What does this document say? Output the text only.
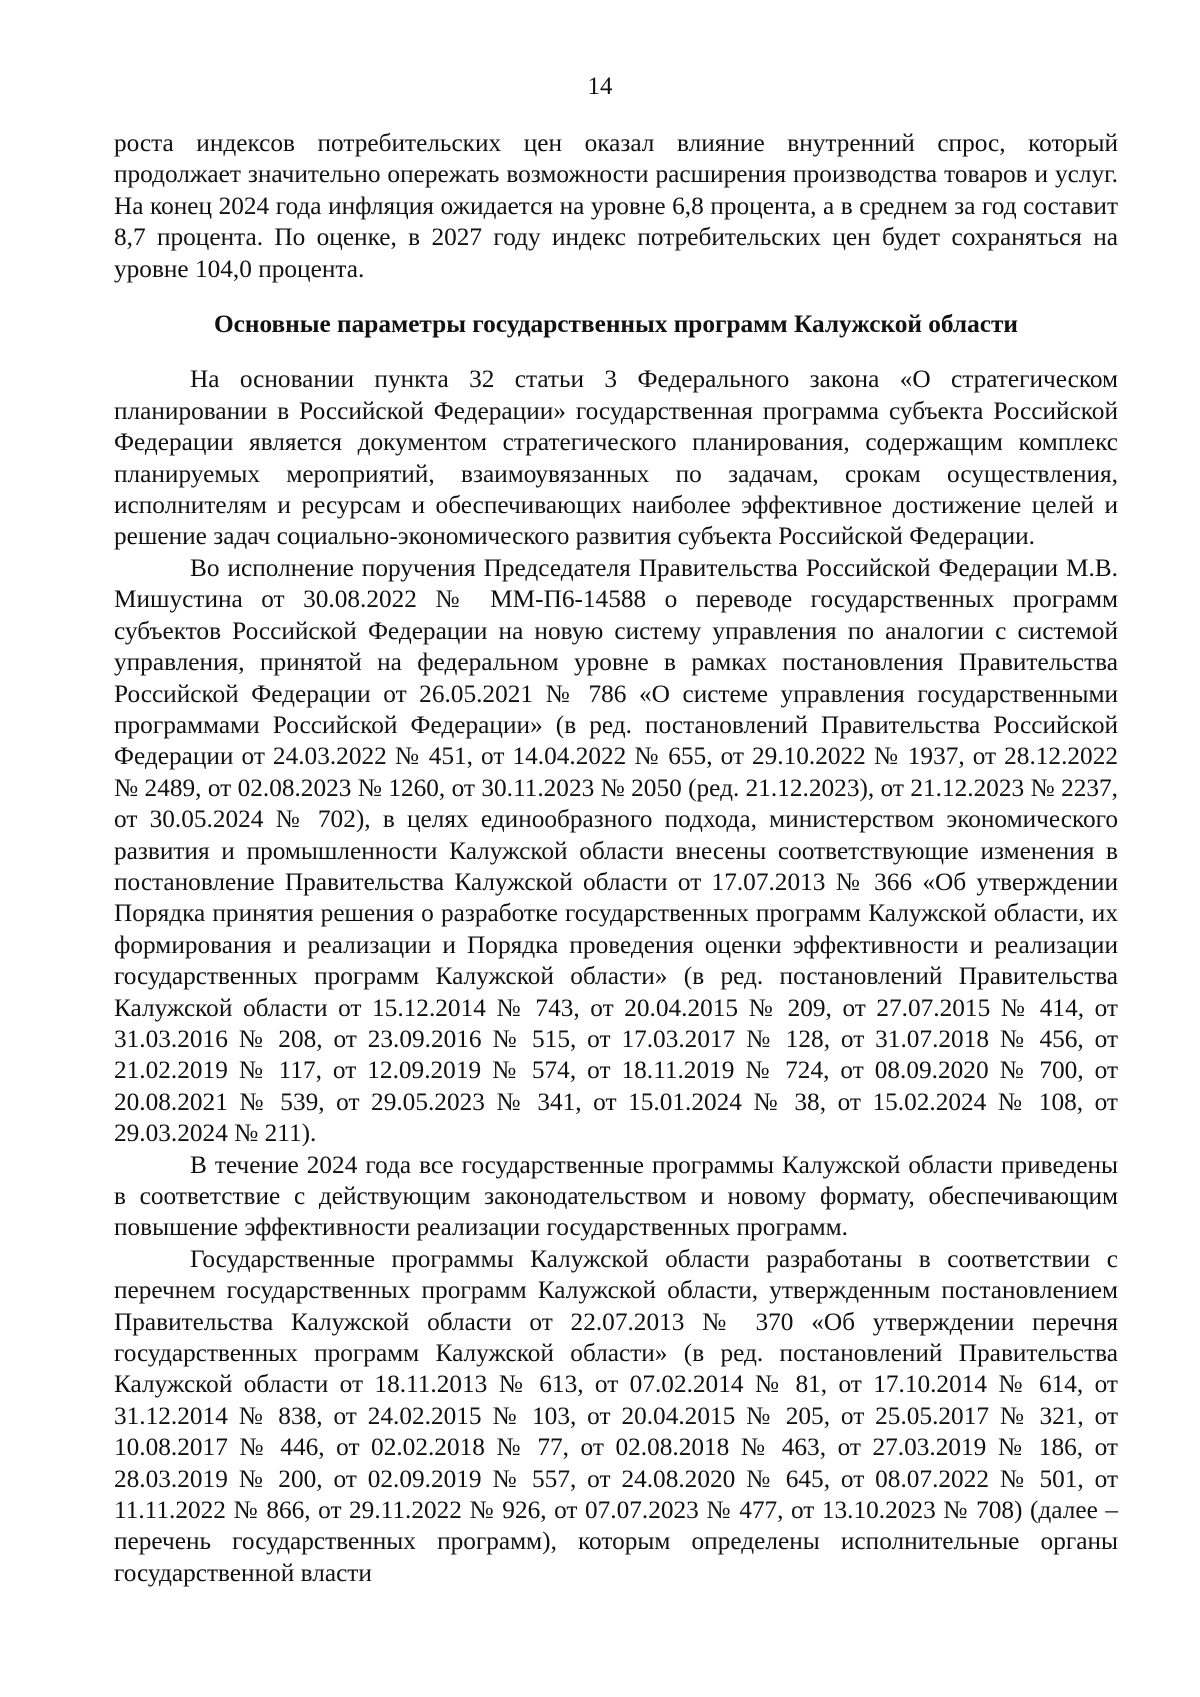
14

роста индексов потребительских цен оказал влияние внутренний спрос, который продолжает значительно опережать возможности расширения производства товаров и услуг. На конец 2024 года инфляция ожидается на уровне 6,8 процента, а в среднем за год составит 8,7 процента. По оценке, в 2027 году индекс потребительских цен будет сохраняться на уровне 104,0 процента.

Основные параметры государственных программ Калужской области

На основании пункта 32 статьи 3 Федерального закона «О стратегическом планировании в Российской Федерации» государственная программа субъекта Российской Федерации является документом стратегического планирования, содержащим комплекс планируемых мероприятий, взаимоувязанных по задачам, срокам осуществления, исполнителям и ресурсам и обеспечивающих наиболее эффективное достижение целей и решение задач социально-экономического развития субъекта Российской Федерации.

Во исполнение поручения Председателя Правительства Российской Федерации М.В. Мишустина от 30.08.2022 № ММ-П6-14588 о переводе государственных программ субъектов Российской Федерации на новую систему управления по аналогии с системой управления, принятой на федеральном уровне в рамках постановления Правительства Российской Федерации от 26.05.2021 № 786 «О системе управления государственными программами Российской Федерации» (в ред. постановлений Правительства Российской Федерации от 24.03.2022 № 451, от 14.04.2022 № 655, от 29.10.2022 № 1937, от 28.12.2022 № 2489, от 02.08.2023 № 1260, от 30.11.2023 № 2050 (ред. 21.12.2023), от 21.12.2023 № 2237, от 30.05.2024 № 702), в целях единообразного подхода, министерством экономического развития и промышленности Калужской области внесены соответствующие изменения в постановление Правительства Калужской области от 17.07.2013 № 366 «Об утверждении Порядка принятия решения о разработке государственных программ Калужской области, их формирования и реализации и Порядка проведения оценки эффективности и реализации государственных программ Калужской области» (в ред. постановлений Правительства Калужской области от 15.12.2014 № 743, от 20.04.2015 № 209, от 27.07.2015 № 414, от 31.03.2016 № 208, от 23.09.2016 № 515, от 17.03.2017 № 128, от 31.07.2018 № 456, от 21.02.2019 № 117, от 12.09.2019 № 574, от 18.11.2019 № 724, от 08.09.2020 № 700, от 20.08.2021 № 539, от 29.05.2023 № 341, от 15.01.2024 № 38, от 15.02.2024 № 108, от 29.03.2024 № 211).

В течение 2024 года все государственные программы Калужской области приведены в соответствие с действующим законодательством и новому формату, обеспечивающим повышение эффективности реализации государственных программ.

Государственные программы Калужской области разработаны в соответствии с перечнем государственных программ Калужской области, утвержденным постановлением Правительства Калужской области от 22.07.2013 № 370 «Об утверждении перечня государственных программ Калужской области» (в ред. постановлений Правительства Калужской области от 18.11.2013 № 613, от 07.02.2014 № 81, от 17.10.2014 № 614, от 31.12.2014 № 838, от 24.02.2015 № 103, от 20.04.2015 № 205, от 25.05.2017 № 321, от 10.08.2017 № 446, от 02.02.2018 № 77, от 02.08.2018 № 463, от 27.03.2019 № 186, от 28.03.2019 № 200, от 02.09.2019 № 557, от 24.08.2020 № 645, от 08.07.2022 № 501, от 11.11.2022 № 866, от 29.11.2022 № 926, от 07.07.2023 № 477, от 13.10.2023 № 708) (далее – перечень государственных программ), которым определены исполнительные органы государственной власти
